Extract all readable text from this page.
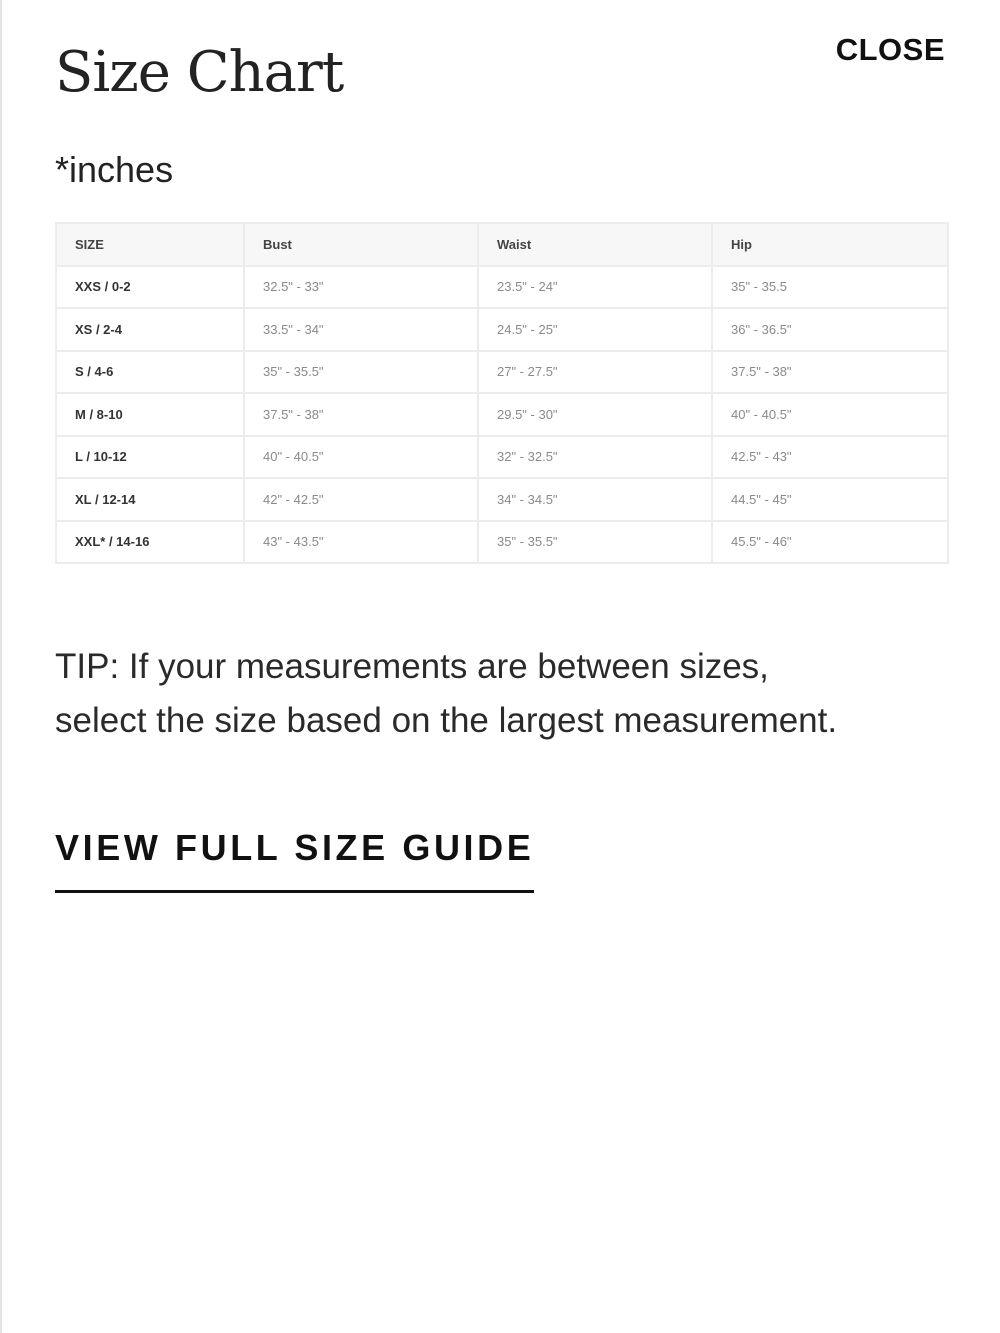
CLOSE
Size Chart
*inches
SIZE	Bust	Waist	Hip
XXS / 0-2	32.5" - 33"	23.5" - 24"	35" - 35.5
XS / 2-4	33.5" - 34"	24.5" - 25"	36" - 36.5"
S / 4-6	35" - 35.5"	27" - 27.5"	37.5" - 38"
M / 8-10	37.5" - 38"	29.5" - 30"	40" - 40.5"
L / 10-12	40" - 40.5"	32" - 32.5"	42.5" - 43"
XL / 12-14	42" - 42.5"	34" - 34.5"	44.5" - 45"
XXL* / 14-16	43" - 43.5"	35" - 35.5"	45.5" - 46"

TIP: If your measurements are between sizes,
select the size based on the largest measurement.

VIEW FULL SIZE GUIDE
